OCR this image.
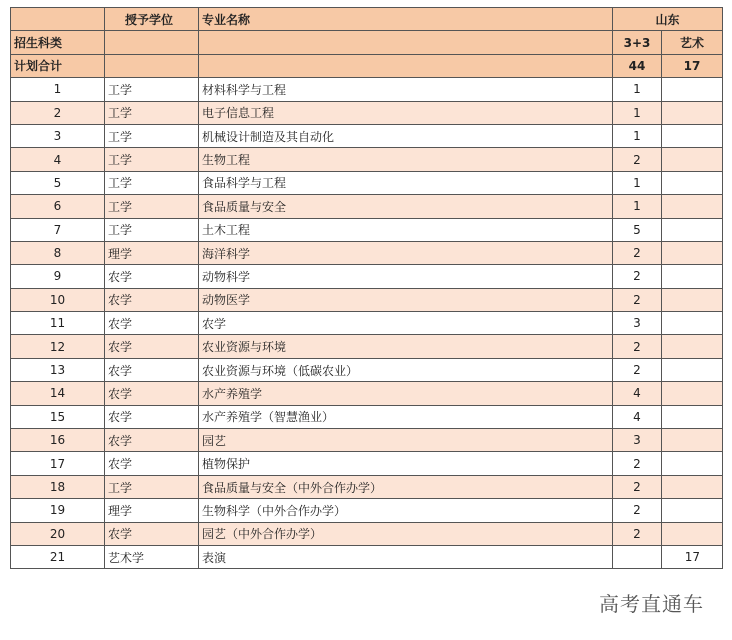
	授予学位	专业名称	山东	
招生科类			3+3	艺术
计划合计			44	17
1	工学	材料科学与工程	1	
2	工学	电子信息工程	1	
3	工学	机械设计制造及其自动化	1	
4	工学	生物工程	2	
5	工学	食品科学与工程	1	
6	工学	食品质量与安全	1	
7	工学	土木工程	5	
8	理学	海洋科学	2	
9	农学	动物科学	2	
10	农学	动物医学	2	
11	农学	农学	3	
12	农学	农业资源与环境	2	
13	农学	农业资源与环境（低碳农业）	2	
14	农学	水产养殖学	4	
15	农学	水产养殖学（智慧渔业）	4	
16	农学	园艺	3	
17	农学	植物保护	2	
18	工学	食品质量与安全（中外合作办学）	2	
19	理学	生物科学（中外合作办学）	2	
20	农学	园艺（中外合作办学）	2	
21	艺术学	表演		17
高考直通车
